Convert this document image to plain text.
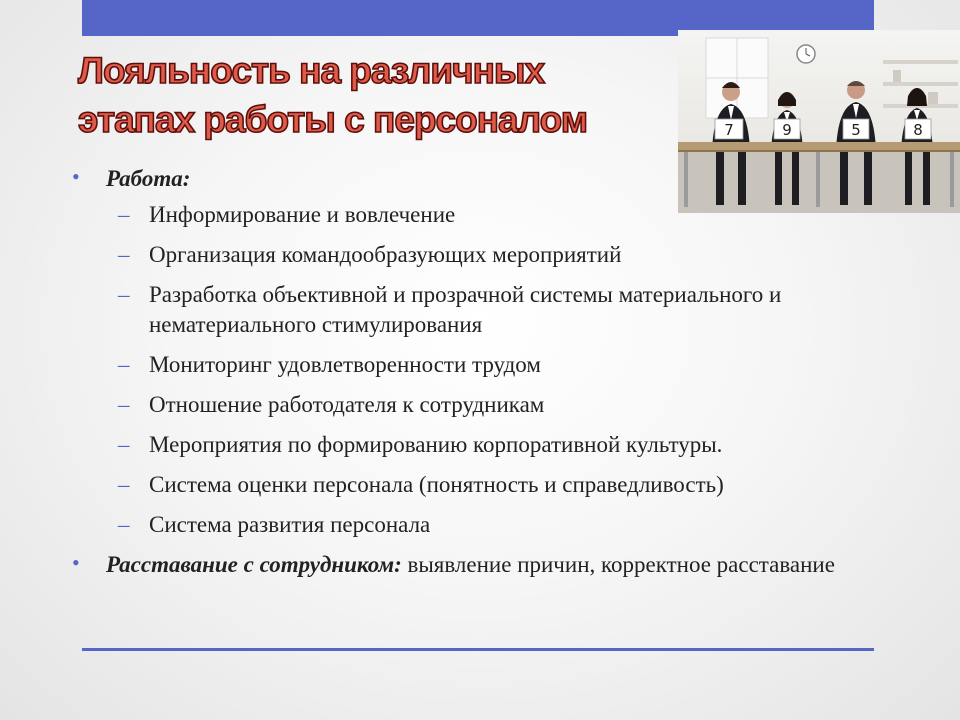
Лояльность на различных
этапах работы с персоналом	7	9	5	8
• Работа:
– Информирование и вовлечение
– Организация командообразующих мероприятий
– Разработка объективной и прозрачной системы материального и нематериального стимулирования
– Мониторинг удовлетворенности трудом
– Отношение работодателя к сотрудникам
– Мероприятия по формированию корпоративной культуры.
– Система оценки персонала (понятность и справедливость)
– Система развития персонала
• Расставание с сотрудником: выявление причин, корректное расставание
